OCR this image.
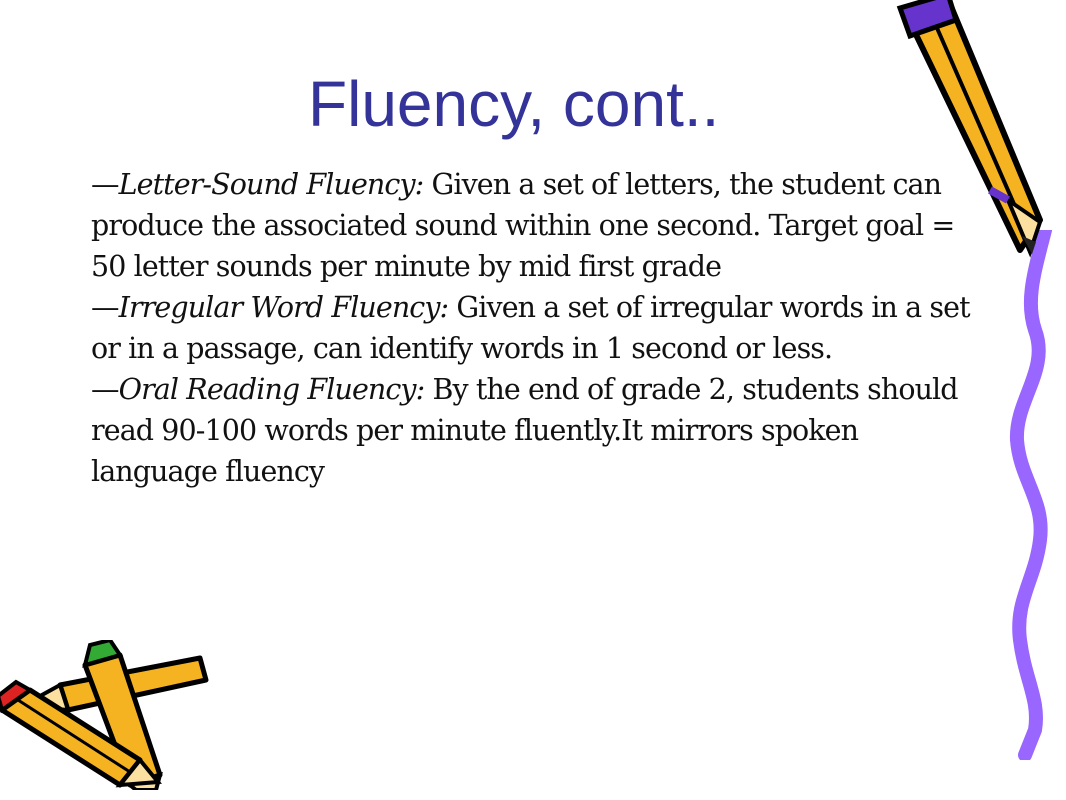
Fluency, cont..

—Letter-Sound Fluency: Given a set of letters, the student can produce the associated sound within one second. Target goal = 50 letter sounds per minute by mid first grade

—Irregular Word Fluency: Given a set of irregular words in a set or in a passage, can identify words in 1 second or less.

—Oral Reading Fluency: By the end of grade 2, students should read 90-100 words per minute fluently.It mirrors spoken language fluency
